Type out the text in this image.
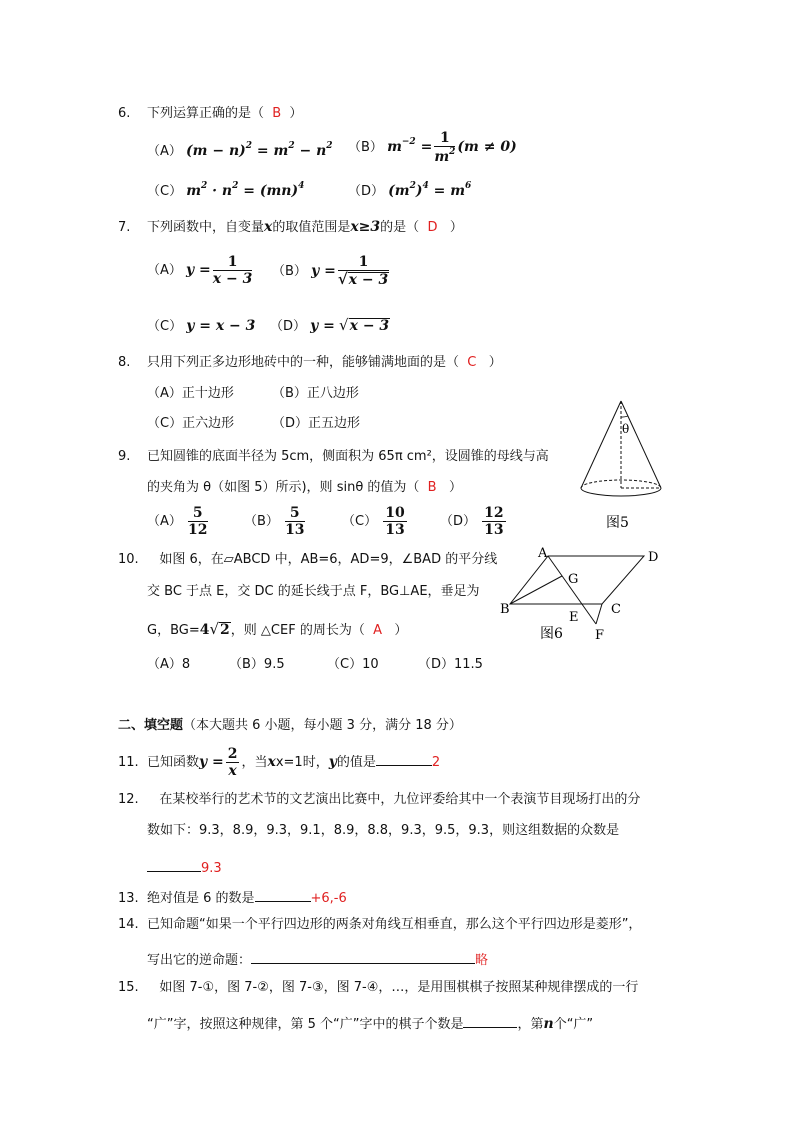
6. 下列运算正确的是（ B ）
（A） $(m - n)^2 = m^2 - n^2$ （B） $m^{-2} = \frac{1}{m^2} (m \ne 0)$
（C） $m^2 \cdot n^2 = (mn)^4$	（D） $(m^2)^4 = m^6$
7. 下列函数中，自变量x的取值范围是x≥3的是（ D ）
（A） $y = \frac{1}{x - 3} (B) y = \frac{1}{√x - 3}$
（C） y = x − 3 （D） y = √x − 3
8. 只用下列正多边形地砖中的一种，能够铺满地面的是（ C ）
（A）正十边形	（B）正八边形
（C）正六边形	（D）正五边形
9. 已知圆锥的底面半径为 5cm，侧面积为 65π cm²，设圆锥的母线与高
的夹角为 θ（如图 5）所示)，则 sinθ 的值为（ B ）
$(A) \frac{5}{12}$	$(B) \frac{5}{13}$	$(C) \frac{10}{13}$	$(D) \frac{12}{13}$
θ
图5
10. 如图 6，在▱ABCD 中，AB=6，AD=9，∠BAD 的平分线
交 BC 于点 E，交 DC 的延长线于点 F，BG⊥AE，垂足为
G，BG=4√2，则 △CEF 的周长为（ A ）
（A）8	（B）9.5	（C）10	（D）11.5
A	D
G
B
E
C
F
图6
二、填空题（本大题共 6 小题，每小题 3 分，满分 18 分）
11. 已知函数$y = \frac{2}{x}$ ，当xx=1时，y的值是	2
12. 在某校举行的艺术节的文艺演出比赛中，九位评委给其中一个表演节目现场打出的分
数如下：9.3，8.9，9.3，9.1，8.9，8.8，9.3，9.5，9.3，则这组数据的众数是
9.3
13. 绝对值是 6 的数是	+6,-6
14. 已知命题“如果一个平行四边形的两条对角线互相垂直，那么这个平行四边形是菱形”，
写出它的逆命题：	略
15. 如图 7-①，图 7-②，图 7-③，图 7-④，…，是用围棋棋子按照某种规律摆成的一行
“广”字，按照这种规律，第 5 个“广”字中的棋子个数是	，第n个“广”
